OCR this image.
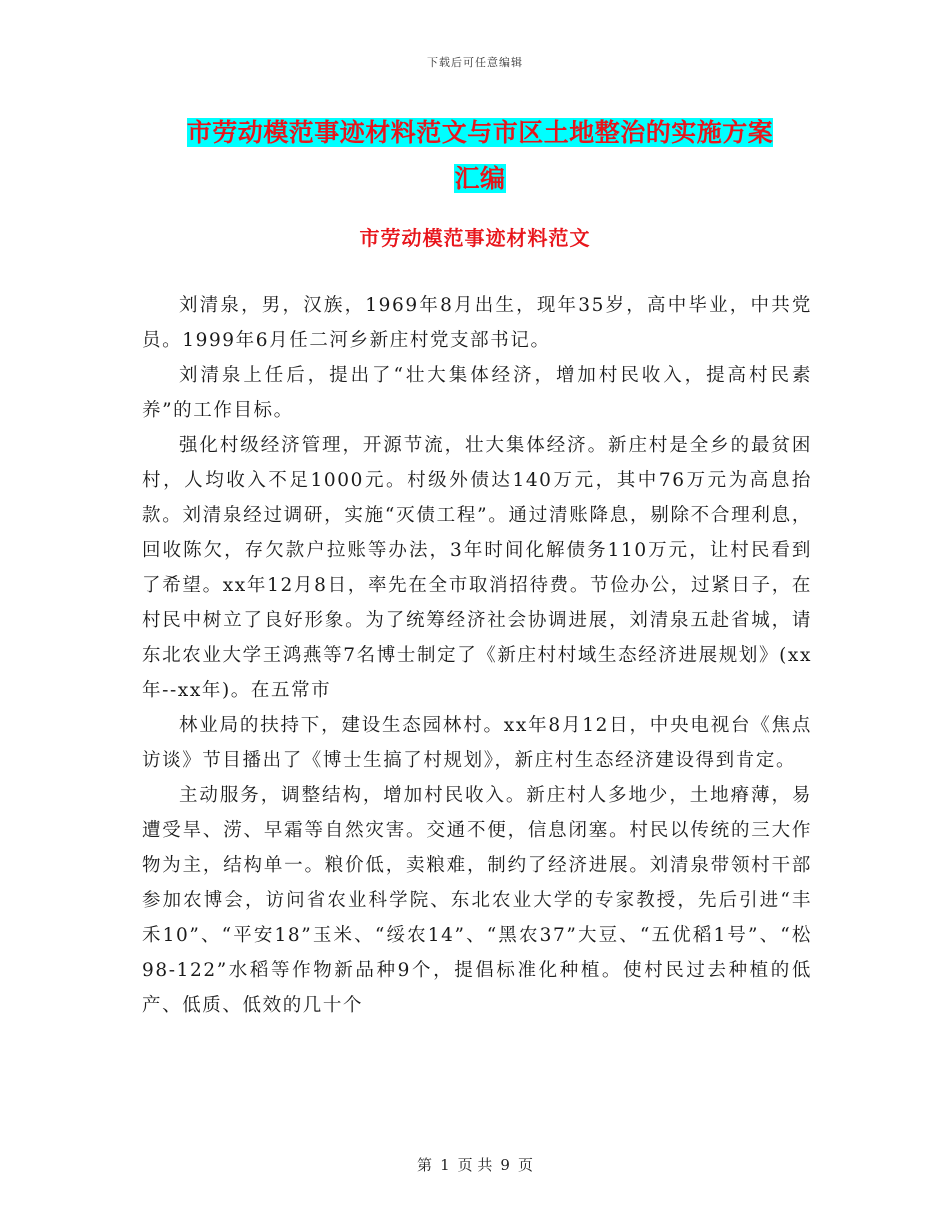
下载后可任意编辑
市劳动模范事迹材料范文与市区土地整治的实施方案
汇编
市劳动模范事迹材料范文

刘清泉，男，汉族，1969年8月出生，现年35岁，高中毕业，中共党员。1999年6月任二河乡新庄村党支部书记。

刘清泉上任后，提出了“壮大集体经济，增加村民收入，提高村民素养”的工作目标。

强化村级经济管理，开源节流，壮大集体经济。新庄村是全乡的最贫困村，人均收入不足1000元。村级外债达140万元，其中76万元为高息抬款。刘清泉经过调研，实施“灭债工程”。通过清账降息，剔除不合理利息，回收陈欠，存欠款户拉账等办法，3年时间化解债务110万元，让村民看到了希望。xx年12月8日，率先在全市取消招待费。节俭办公，过紧日子，在村民中树立了良好形象。为了统筹经济社会协调进展，刘清泉五赴省城，请东北农业大学王鸿燕等7名博士制定了《新庄村村域生态经济进展规划》(xx年--xx年)。在五常市

林业局的扶持下，建设生态园林村。xx年8月12日，中央电视台《焦点访谈》节目播出了《博士生搞了村规划》，新庄村生态经济建设得到肯定。

主动服务，调整结构，增加村民收入。新庄村人多地少，土地瘠薄，易遭受旱、涝、早霜等自然灾害。交通不便，信息闭塞。村民以传统的三大作物为主，结构单一。粮价低，卖粮难，制约了经济进展。刘清泉带领村干部参加农博会，访问省农业科学院、东北农业大学的专家教授，先后引进“丰禾10”、“平安18”玉米、“绥农14”、“黑农37”大豆、“五优稻1号”、“松98-122”水稻等作物新品种9个，提倡标准化种植。使村民过去种植的低产、低质、低效的几十个

第 1 页 共 9 页
